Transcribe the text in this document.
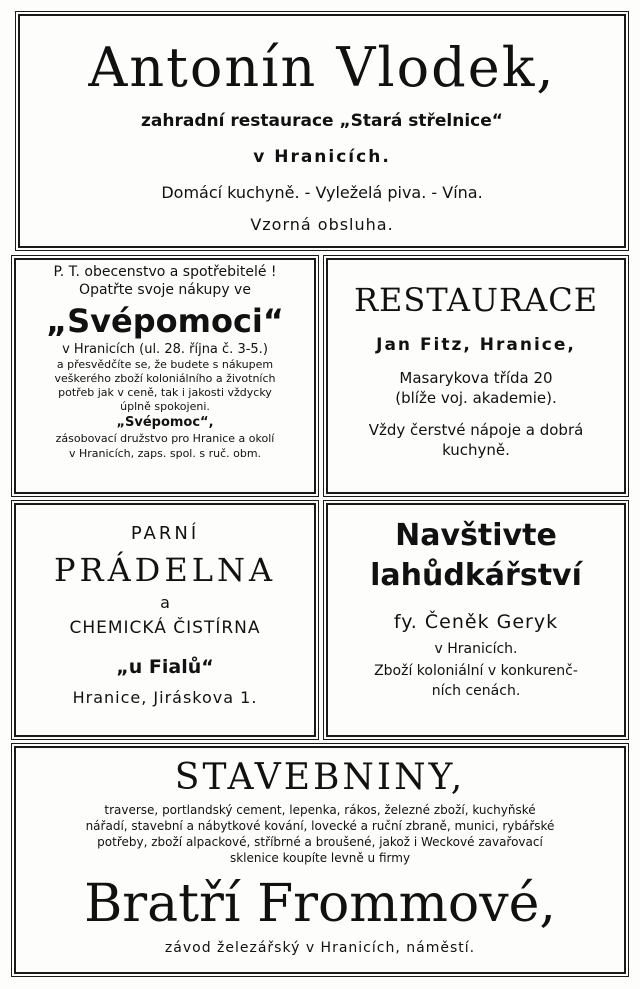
Antonín Vlodek,
zahradní restaurace „Stará střelnice“
v Hranicích.
Domácí kuchyně. - Vyleželá piva. - Vína.
Vzorná obsluha.
P. T. obecenstvo a spotřebitelé !
Opatřte svoje nákupy ve
„Svépomoci“
v Hranicích (ul. 28. října č. 3-5.)
a přesvědčíte se, že budete s nákupem
veškerého zboží koloniálního a životních
potřeb jak v ceně, tak i jakosti vždycky
úplně spokojeni.
„Svépomoc“,
zásobovací družstvo pro Hranice a okolí
v Hranicích, zaps. spol. s ruč. obm.
RESTAURACE
Jan Fitz, Hranice,
Masarykova třída 20
(blíže voj. akademie).
Vždy čerstvé nápoje a dobrá
kuchyně.
PARNÍ
PRÁDELNA
a
CHEMICKÁ ČISTÍRNA
„u Fialů“
Hranice, Jiráskova 1.
Navštivte
lahůdkářství
fy. Čeněk Geryk
v Hranicích.
Zboží koloniální v konkurenč-
ních cenách.
STAVEBNINY,
traverse, portlandský cement, lepenka, rákos, železné zboží, kuchyňské
nářadí, stavební a nábytkové kování, lovecké a ruční zbraně, munici, rybářské
potřeby, zboží alpackové, stříbrné a broušené, jakož i Weckové zavařovací
sklenice koupíte levně u firmy
Bratří Frommové,
závod železářský v Hranicích, náměstí.
